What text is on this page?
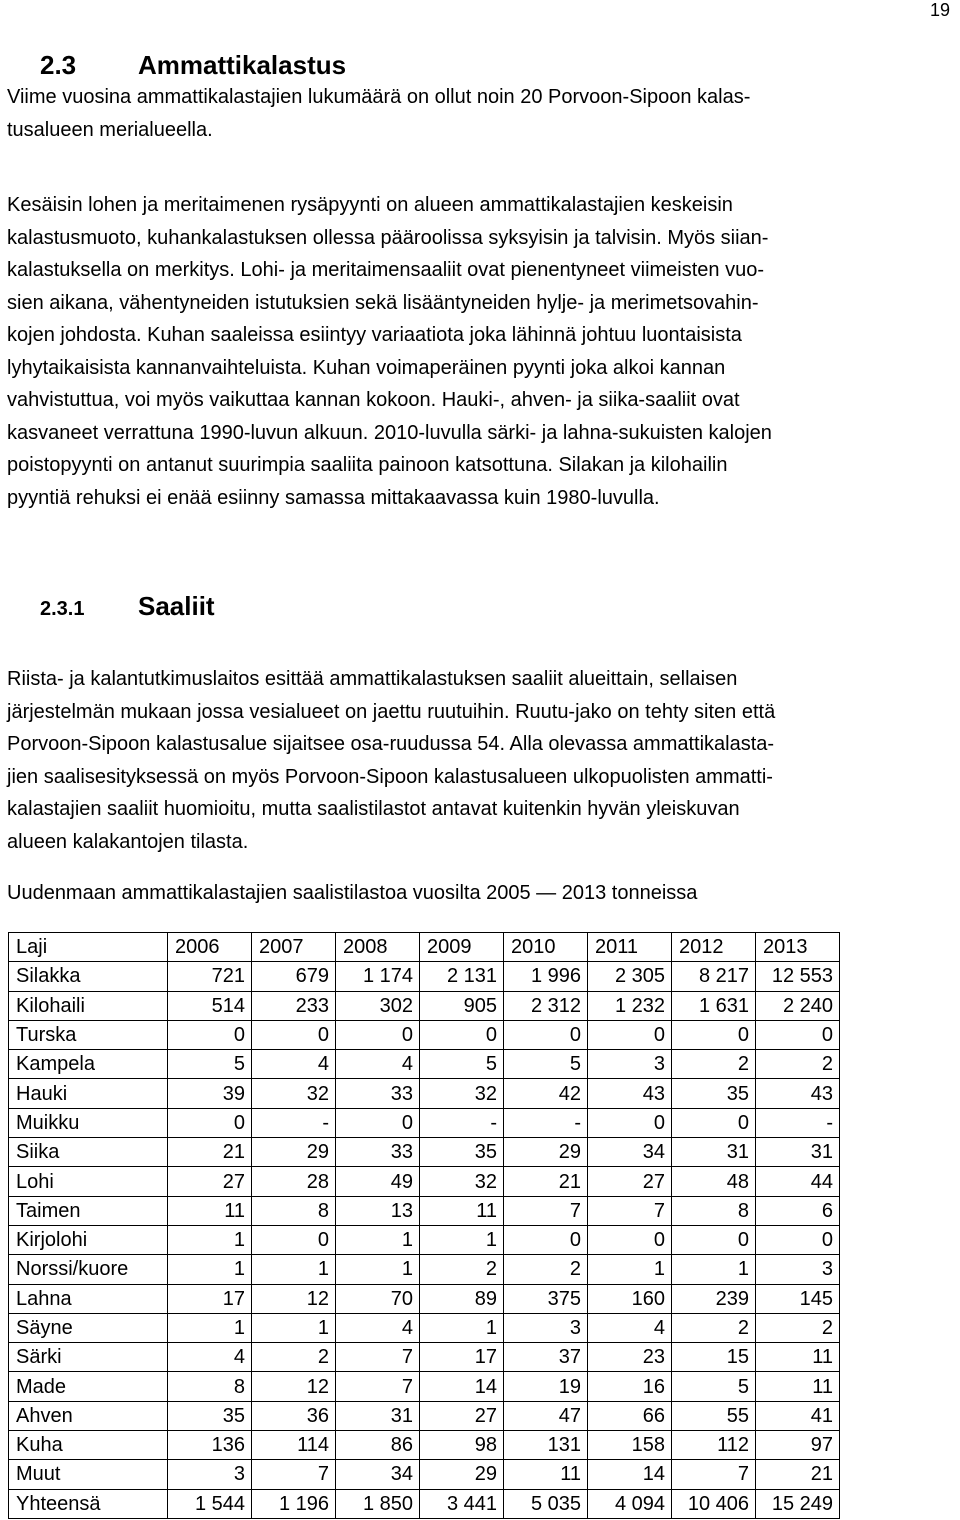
19
2.3 Ammattikalastus
Viime vuosina ammattikalastajien lukumäärä on ollut noin 20 Porvoon-Sipoon kalas-
tusalueen merialueella.
Kesäisin lohen ja meritaimenen rysäpyynti on alueen ammattikalastajien keskeisin
kalastusmuoto, kuhankalastuksen ollessa pääroolissa syksyisin ja talvisin. Myös siian-
kalastuksella on merkitys. Lohi- ja meritaimensaaliit ovat pienentyneet viimeisten vuo-
sien aikana, vähentyneiden istutuksien sekä lisääntyneiden hylje- ja merimetsovahin-
kojen johdosta. Kuhan saaleissa esiintyy variaatiota joka lähinnä johtuu luontaisista
lyhytaikaisista kannanvaihteluista. Kuhan voimaperäinen pyynti joka alkoi kannan
vahvistuttua, voi myös vaikuttaa kannan kokoon. Hauki-, ahven- ja siika-saaliit ovat
kasvaneet verrattuna 1990-luvun alkuun. 2010-luvulla särki- ja lahna-sukuisten kalojen
poistopyynti on antanut suurimpia saaliita painoon katsottuna. Silakan ja kilohailin
pyyntiä rehuksi ei enää esiinny samassa mittakaavassa kuin 1980-luvulla.
2.3.1 Saaliit
Riista- ja kalantutkimuslaitos esittää ammattikalastuksen saaliit alueittain, sellaisen
järjestelmän mukaan jossa vesialueet on jaettu ruutuihin. Ruutu-jako on tehty siten että
Porvoon-Sipoon kalastusalue sijaitsee osa-ruudussa 54. Alla olevassa ammattikalasta-
jien saalisesityksessä on myös Porvoon-Sipoon kalastusalueen ulkopuolisten ammatti-
kalastajien saaliit huomioitu, mutta saalistilastot antavat kuitenkin hyvän yleiskuvan
alueen kalakantojen tilasta.
Uudenmaan ammattikalastajien saalistilastoa vuosilta 2005 — 2013 tonneissa
Laji	2006	2007	2008	2009	2010	2011	2012	2013
Silakka	721	679	1 174	2 131	1 996	2 305	8 217	12 553
Kilohaili	514	233	302	905	2 312	1 232	1 631	2 240
Turska	0	0	0	0	0	0	0	0
Kampela	5	4	4	5	5	3	2	2
Hauki	39	32	33	32	42	43	35	43
Muikku	0	-	0	-	-	0	0	-
Siika	21	29	33	35	29	34	31	31
Lohi	27	28	49	32	21	27	48	44
Taimen	11	8	13	11	7	7	8	6
Kirjolohi	1	0	1	1	0	0	0	0
Norssi/kuore	1	1	1	2	2	1	1	3
Lahna	17	12	70	89	375	160	239	145
Säyne	1	1	4	1	3	4	2	2
Särki	4	2	7	17	37	23	15	11
Made	8	12	7	14	19	16	5	11
Ahven	35	36	31	27	47	66	55	41
Kuha	136	114	86	98	131	158	112	97
Muut	3	7	34	29	11	14	7	21
Yhteensä	1 544	1 196	1 850	3 441	5 035	4 094	10 406	15 249
